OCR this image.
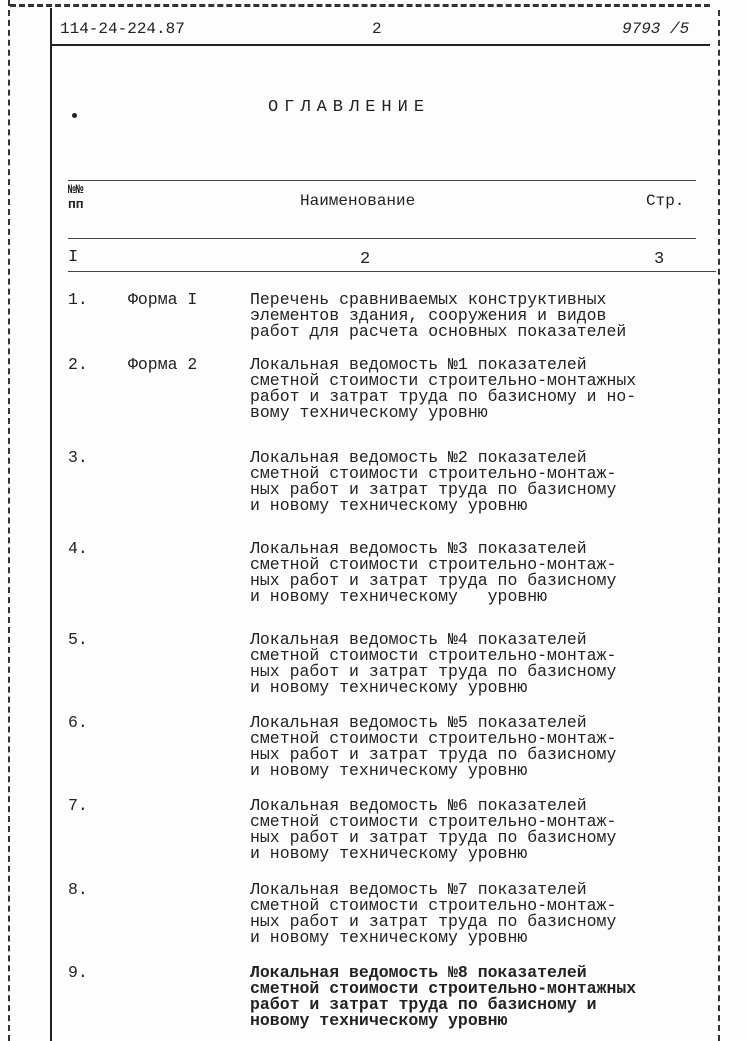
114-24-224.87	2	9793 /5
ОГЛАВЛЕНИЕ
№№
пп	Наименование	Стр.
I	2	3
1. Форма I	Перечень сравниваемых конструктивных
элементов здания, сооружения и видов
работ для расчета основных показателей
2. Форма 2	Локальная ведомость №1 показателей
сметной стоимости строительно-монтажных
работ и затрат труда по базисному и но-
вому техническому уровню
3.	Локальная ведомость №2 показателей
сметной стоимости строительно-монтаж-
ных работ и затрат труда по базисному
и новому техническому уровню
4.	Локальная ведомость №3 показателей
сметной стоимости строительно-монтаж-
ных работ и затрат труда по базисному
и новому техническому   уровню
5.	Локальная ведомость №4 показателей
сметной стоимости строительно-монтаж-
ных работ и затрат труда по базисному
и новому техническому уровню
6.	Локальная ведомость №5 показателей
сметной стоимости строительно-монтаж-
ных работ и затрат труда по базисному
и новому техническому уровню
7.	Локальная ведомость №6 показателей
сметной стоимости строительно-монтаж-
ных работ и затрат труда по базисному
и новому техническому уровню
8.	Локальная ведомость №7 показателей
сметной стоимости строительно-монтаж-
ных работ и затрат труда по базисному
и новому техническому уровню
9.	Локальная ведомость №8 показателей
сметной стоимости строительно-монтажных
работ и затрат труда по базисному и
новому техническому уровню
